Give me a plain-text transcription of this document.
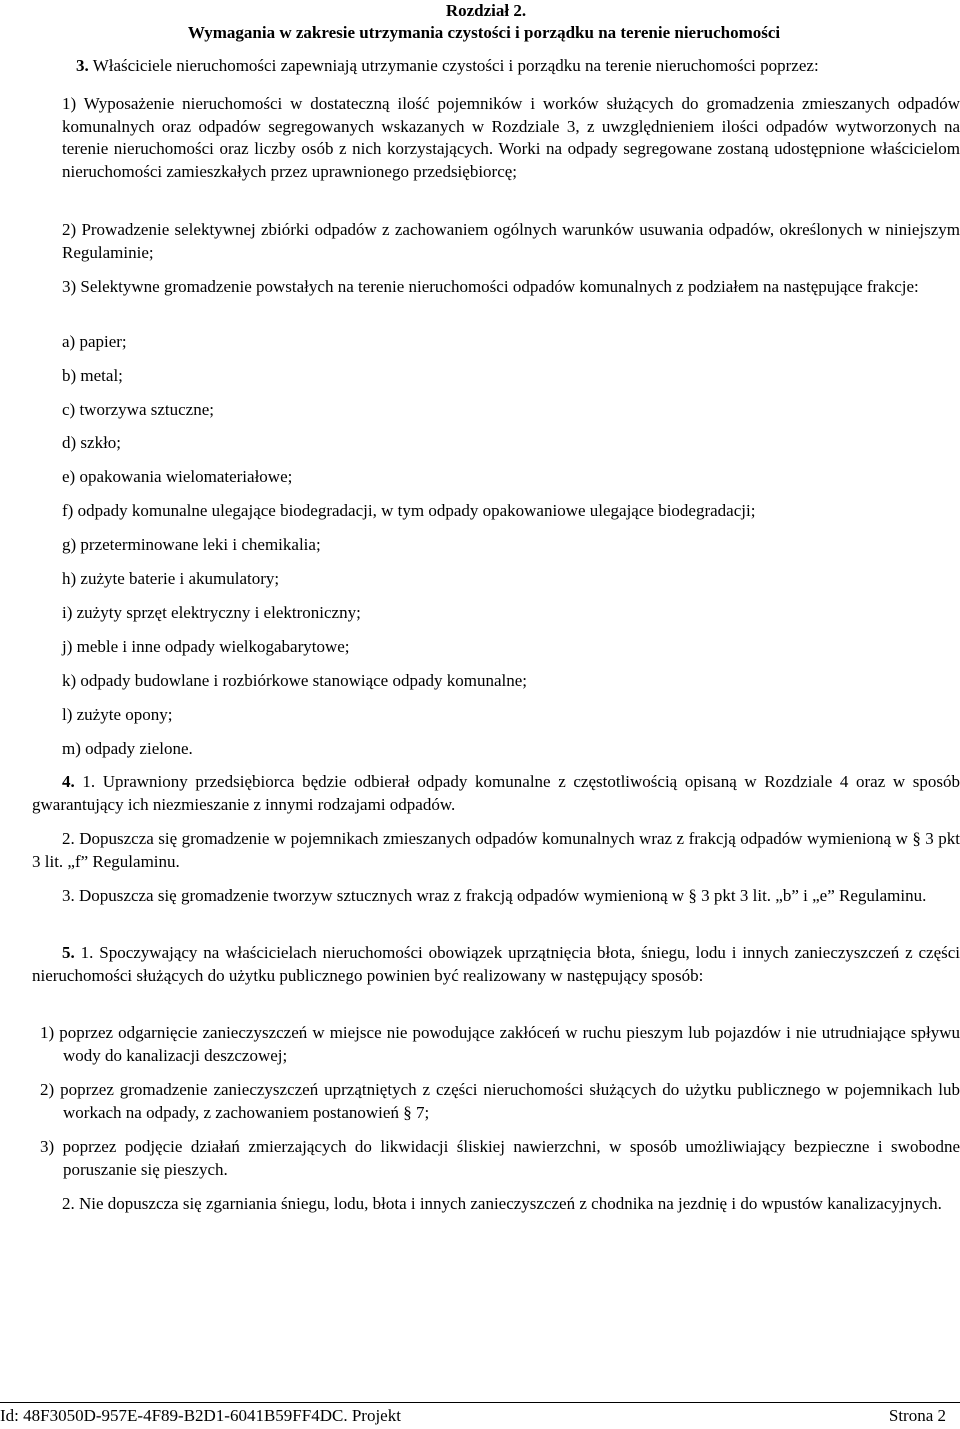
Rozdział 2.
Wymagania w zakresie utrzymania czystości i porządku na terenie nieruchomości

3. Właściciele nieruchomości zapewniają utrzymanie czystości i porządku na terenie nieruchomości poprzez:

1) Wyposażenie nieruchomości w dostateczną ilość pojemników i worków służących do gromadzenia zmieszanych odpadów komunalnych oraz odpadów segregowanych wskazanych w Rozdziale 3, z uwzględnieniem ilości odpadów wytworzonych na terenie nieruchomości oraz liczby osób z nich korzystających. Worki na odpady segregowane zostaną udostępnione właścicielom nieruchomości zamieszkałych przez uprawnionego przedsiębiorcę;

2) Prowadzenie selektywnej zbiórki odpadów z zachowaniem ogólnych warunków usuwania odpadów, określonych w niniejszym Regulaminie;

3) Selektywne gromadzenie powstałych na terenie nieruchomości odpadów komunalnych z podziałem na następujące frakcje:

a) papier;

b) metal;

c) tworzywa sztuczne;

d) szkło;

e) opakowania wielomateriałowe;

f) odpady komunalne ulegające biodegradacji, w tym odpady opakowaniowe ulegające biodegradacji;

g) przeterminowane leki i chemikalia;

h) zużyte baterie i akumulatory;

i) zużyty sprzęt elektryczny i elektroniczny;

j) meble i inne odpady wielkogabarytowe;

k) odpady budowlane i rozbiórkowe stanowiące odpady komunalne;

l) zużyte opony;

m) odpady zielone.

4. 1. Uprawniony przedsiębiorca będzie odbierał odpady komunalne z częstotliwością opisaną w Rozdziale 4 oraz w sposób gwarantujący ich niezmieszanie z innymi rodzajami odpadów.

2. Dopuszcza się gromadzenie w pojemnikach zmieszanych odpadów komunalnych wraz z frakcją odpadów wymienioną w § 3 pkt 3 lit. „f” Regulaminu.

3. Dopuszcza się gromadzenie tworzyw sztucznych wraz z frakcją odpadów wymienioną w § 3 pkt 3 lit. „b” i „e” Regulaminu.

5. 1. Spoczywający na właścicielach nieruchomości obowiązek uprzątnięcia błota, śniegu, lodu i innych zanieczyszczeń z części nieruchomości służących do użytku publicznego powinien być realizowany w następujący sposób:

1) poprzez odgarnięcie zanieczyszczeń w miejsce nie powodujące zakłóceń w ruchu pieszym lub pojazdów i nie utrudniające spływu wody do kanalizacji deszczowej;

2) poprzez gromadzenie zanieczyszczeń uprzątniętych z części nieruchomości służących do użytku publicznego w pojemnikach lub workach na odpady, z zachowaniem postanowień § 7;

3) poprzez podjęcie działań zmierzających do likwidacji śliskiej nawierzchni, w sposób umożliwiający bezpieczne i swobodne poruszanie się pieszych.

2. Nie dopuszcza się zgarniania śniegu, lodu, błota i innych zanieczyszczeń z chodnika na jezdnię i do wpustów kanalizacyjnych.

Id: 48F3050D-957E-4F89-B2D1-6041B59FF4DC. Projekt	Strona 2
